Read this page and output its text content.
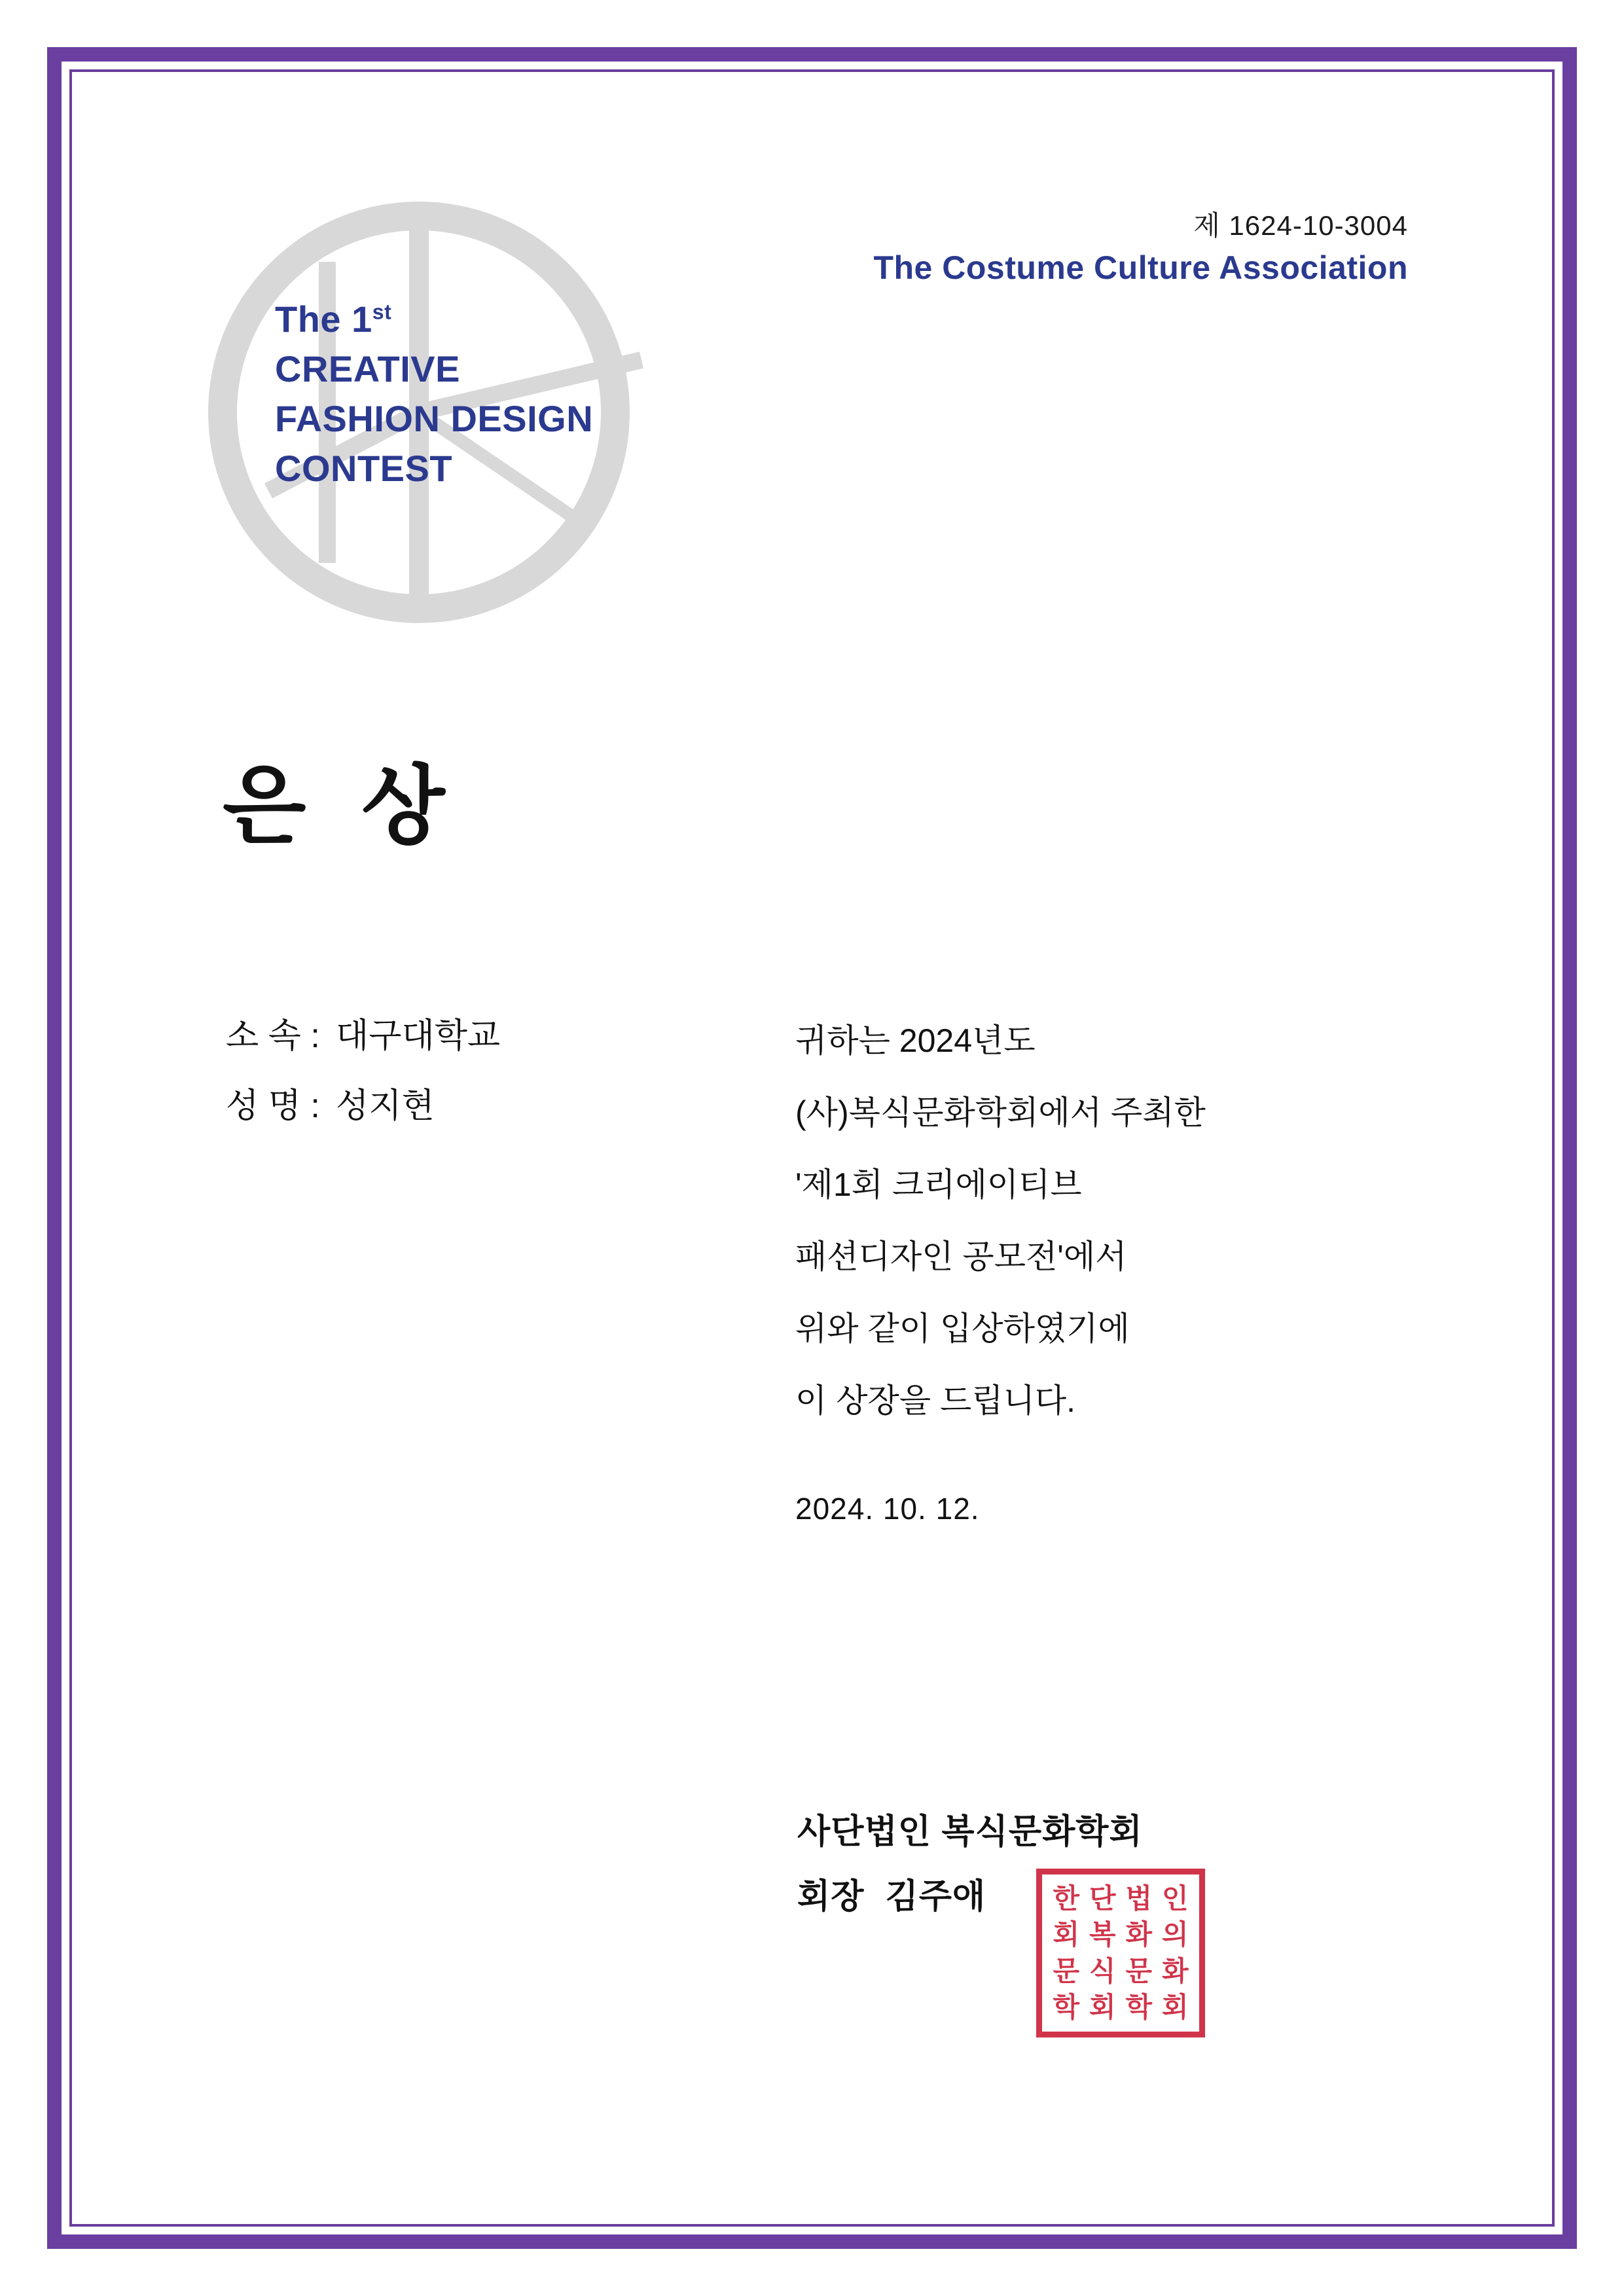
The 1st
CREATIVE
FASHION DESIGN
CONTEST
제 1624-10-3004
The Costume Culture Association
은 상
소 속 : 대구대학교
성 명 : 성지현
귀하는 2024년도
(사)복식문화학회에서 주최한
'제1회 크리에이티브
패션디자인 공모전'에서
위와 같이 입상하였기에
이 상장을 드립니다.
2024. 10. 12.
사단법인 복식문화학회
회장 김주애	한 단 법 인
회 복 화 의
문 식 문 화
학 회 학 회
